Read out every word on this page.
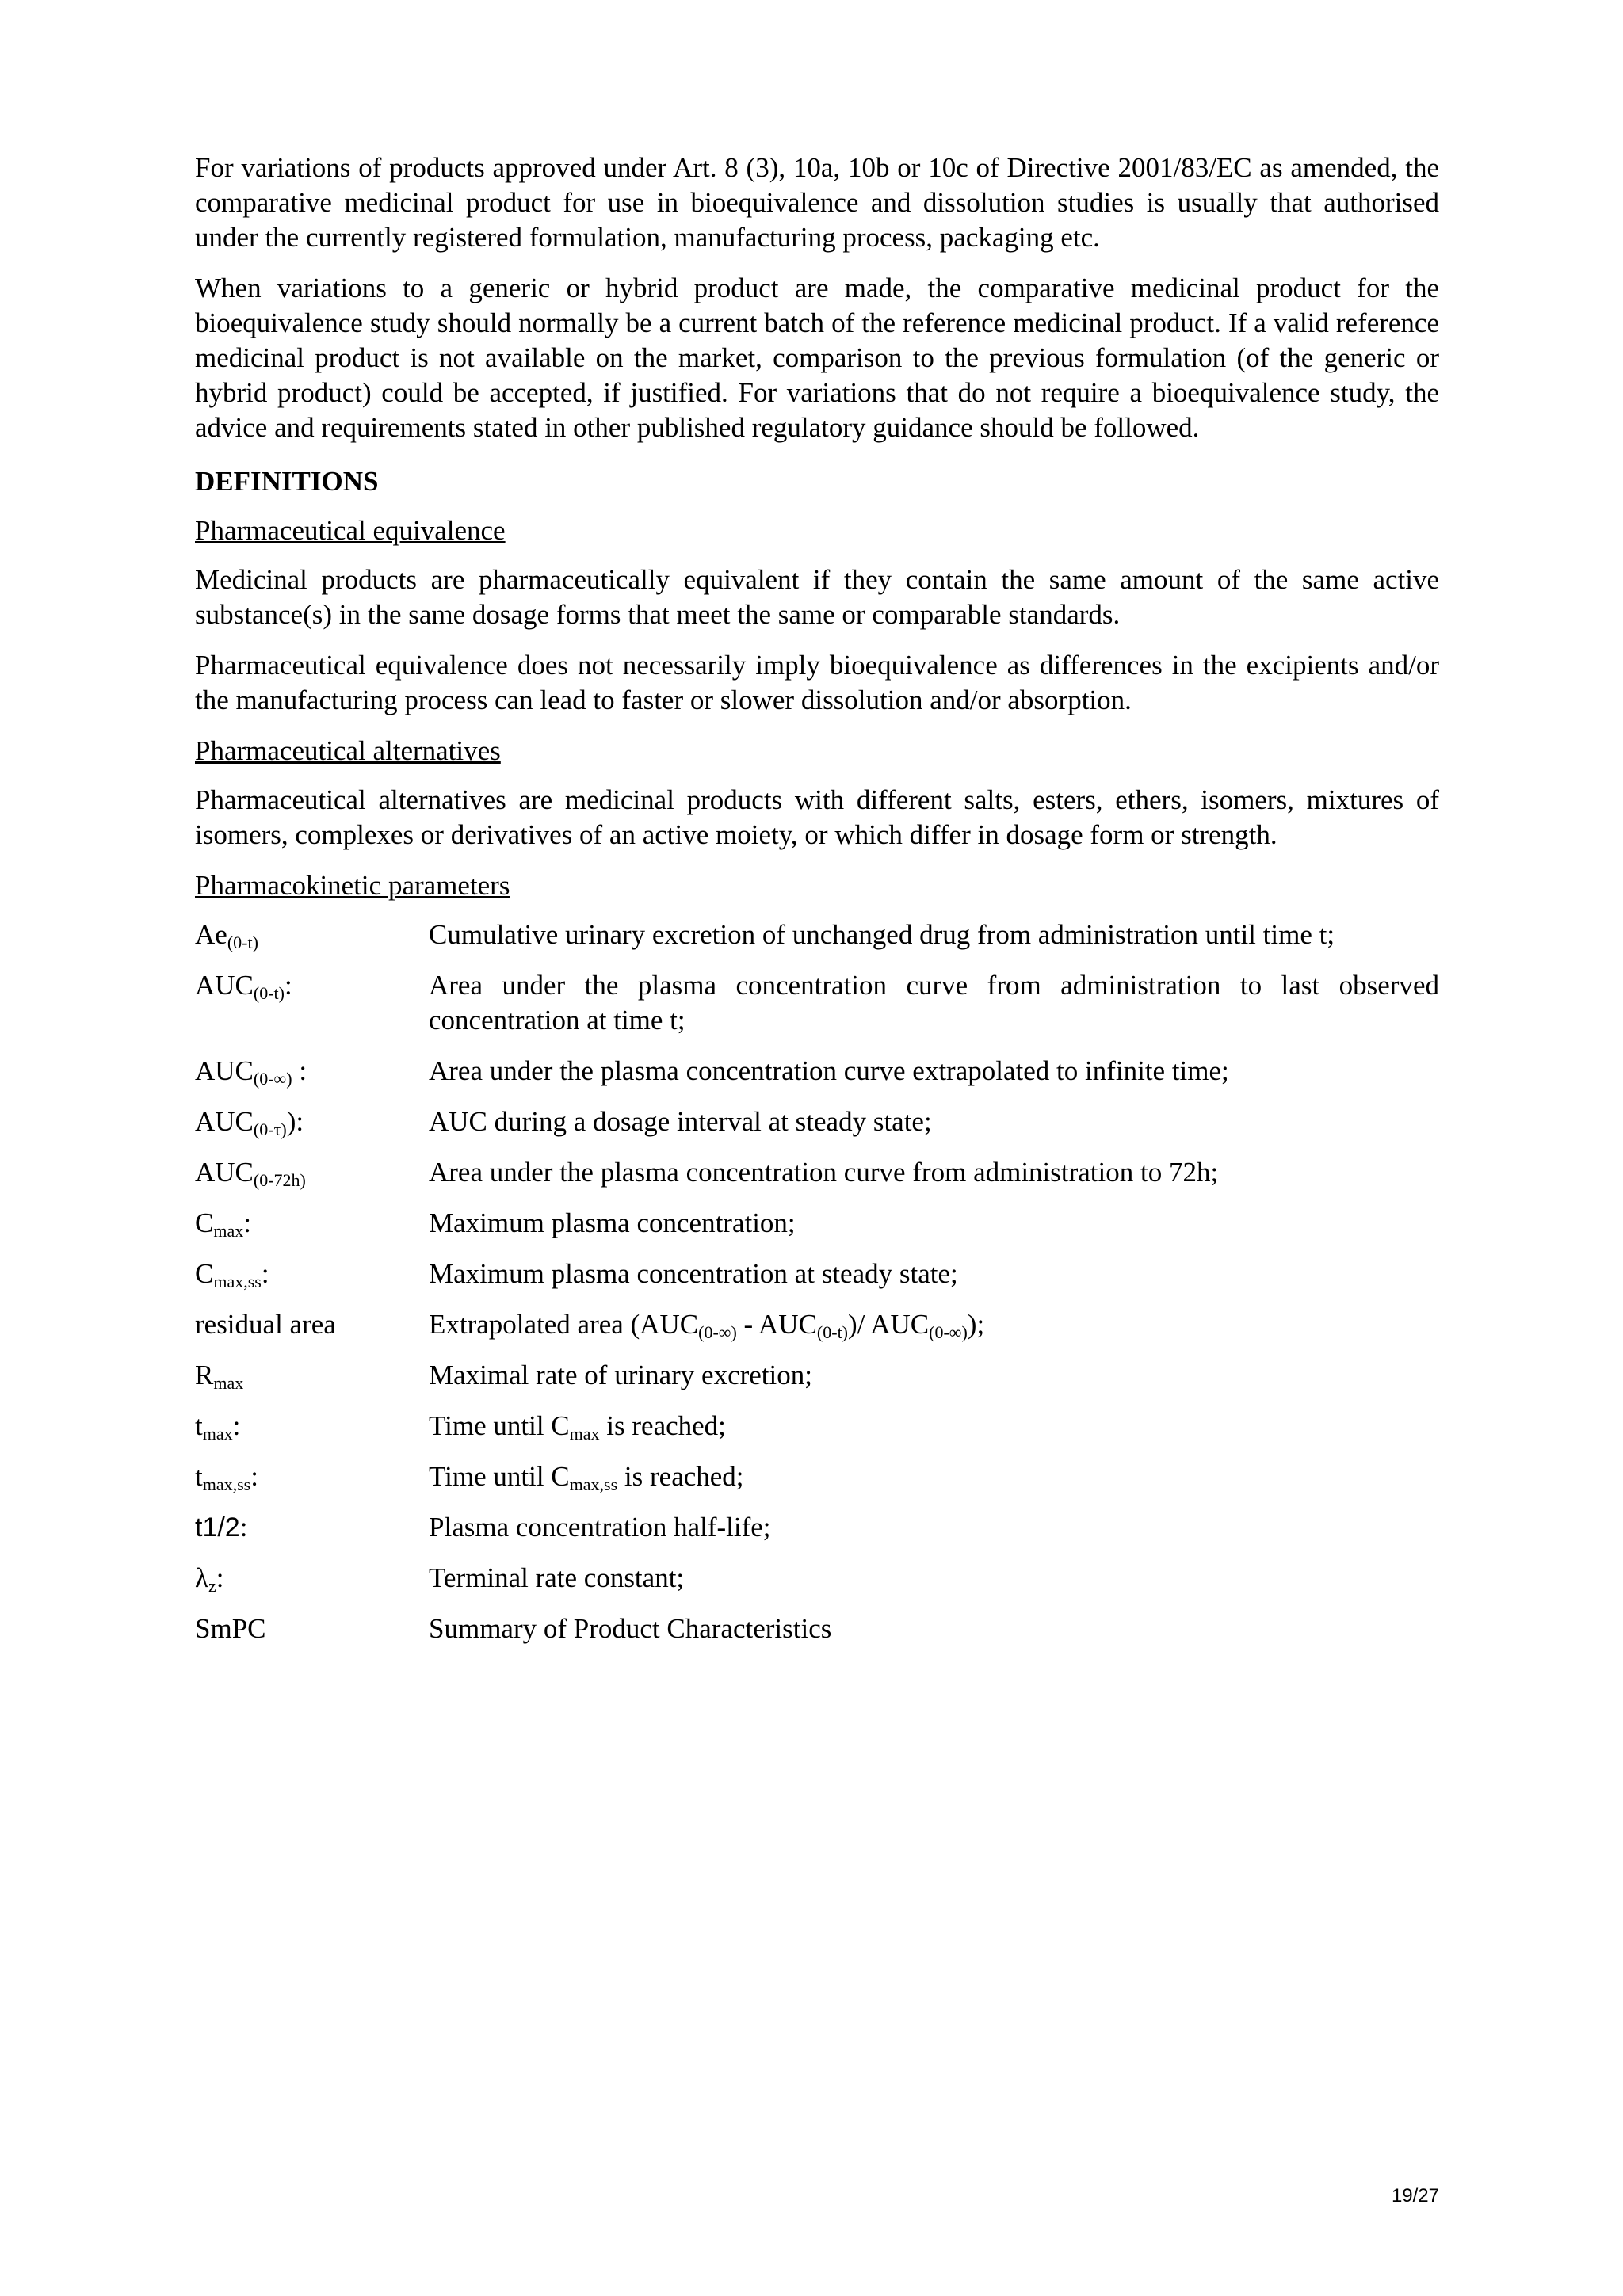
For variations of products approved under Art. 8 (3), 10a, 10b or 10c of Directive 2001/83/EC as amended, the comparative medicinal product for use in bioequivalence and dissolution studies is usually that authorised under the currently registered formulation, manufacturing process, packaging etc.

When variations to a generic or hybrid product are made, the comparative medicinal product for the bioequivalence study should normally be a current batch of the reference medicinal product. If a valid reference medicinal product is not available on the market, comparison to the previous formulation (of the generic or hybrid product) could be accepted, if justified. For variations that do not require a bioequivalence study, the advice and requirements stated in other published regulatory guidance should be followed.

DEFINITIONS
Pharmaceutical equivalence

Medicinal products are pharmaceutically equivalent if they contain the same amount of the same active substance(s) in the same dosage forms that meet the same or comparable standards.

Pharmaceutical equivalence does not necessarily imply bioequivalence as differences in the excipients and/or the manufacturing process can lead to faster or slower dissolution and/or absorption.

Pharmaceutical alternatives

Pharmaceutical alternatives are medicinal products with different salts, esters, ethers, isomers, mixtures of isomers, complexes or derivatives of an active moiety, or which differ in dosage form or strength.

Pharmacokinetic parameters
$Ae_{(0-t)}$	Cumulative urinary excretion of unchanged drug from administration until time t;
$AUC_{(0-t)}$:	Area under the plasma concentration curve from administration to last observed concentration at time t;
$AUC_{(0-\infty)}$ :	Area under the plasma concentration curve extrapolated to infinite time;
$AUC_{(0-\tau)}$):	AUC during a dosage interval at steady state;
$AUC_{(0-72h)}$	Area under the plasma concentration curve from administration to 72h;
$C_{max}$:	Maximum plasma concentration;
$C_{max,ss}$:	Maximum plasma concentration at steady state;
residual area	Extrapolated area $(AUC_{(0-\infty)} - AUC_{(0-t)})/$ $AUC_{(0-\infty)}$);
$R_{max}$	Maximal rate of urinary excretion;
$t_{max}$:	Time until $C_{max}$ is reached;
$t_{max,ss}$:	Time until $C_{max,ss}$ is reached;
t1/2:	Plasma concentration half-life;
$\lambda_z$:	Terminal rate constant;
SmPC	Summary of Product Characteristics
19/27
